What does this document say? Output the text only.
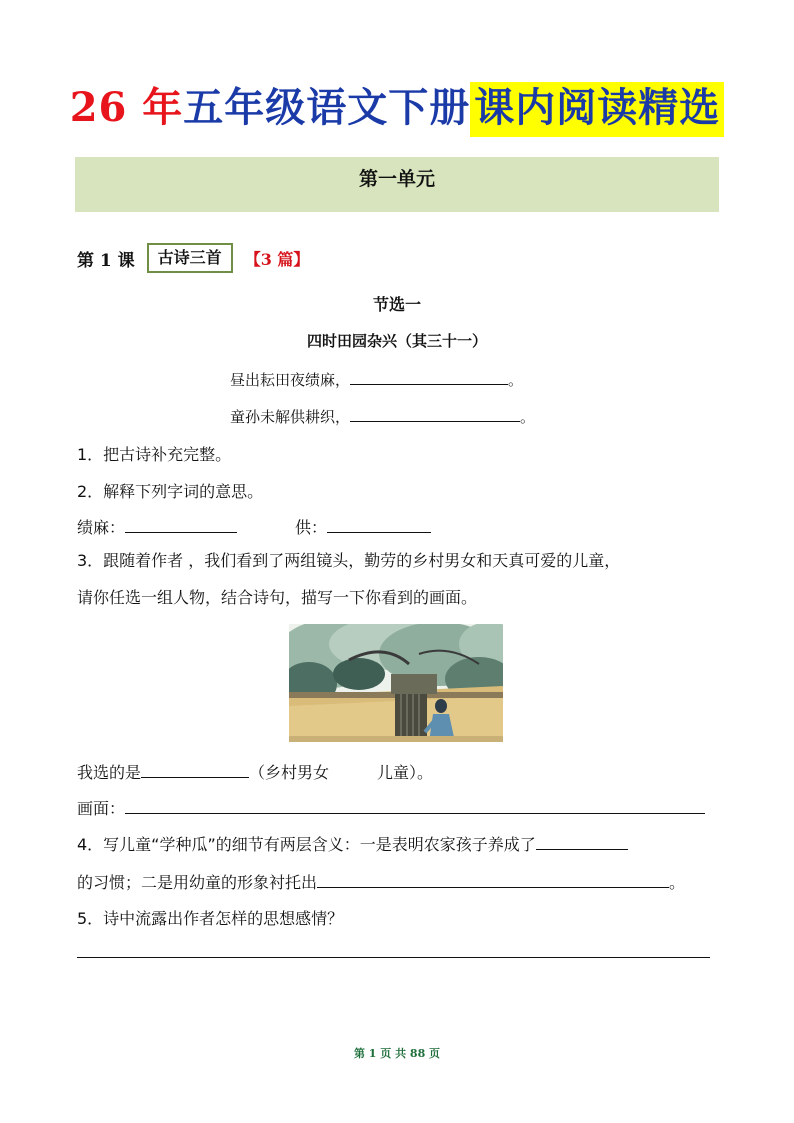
26 年五年级语文下册 课内阅读精选
第一单元
第 1 课	古诗三首	【3 篇】
节选一
四时田园杂兴（其三十一）
昼出耘田夜绩麻，	。
童孙未解供耕织，	。
1．把古诗补充完整。
2．解释下列字词的意思。
绩麻：	供：
3．跟随着作者 ，我们看到了两组镜头，勤劳的乡村男女和天真可爱的儿童，
请你任选一组人物，结合诗句，描写一下你看到的画面。
我选的是	（乡村男女	儿童）。
画面：
4．写儿童“学种瓜”的细节有两层含义：一是表明农家孩子养成了
的习惯；二是用幼童的形象衬托出	。
5．诗中流露出作者怎样的思想感情？
第 1 页 共 88 页
